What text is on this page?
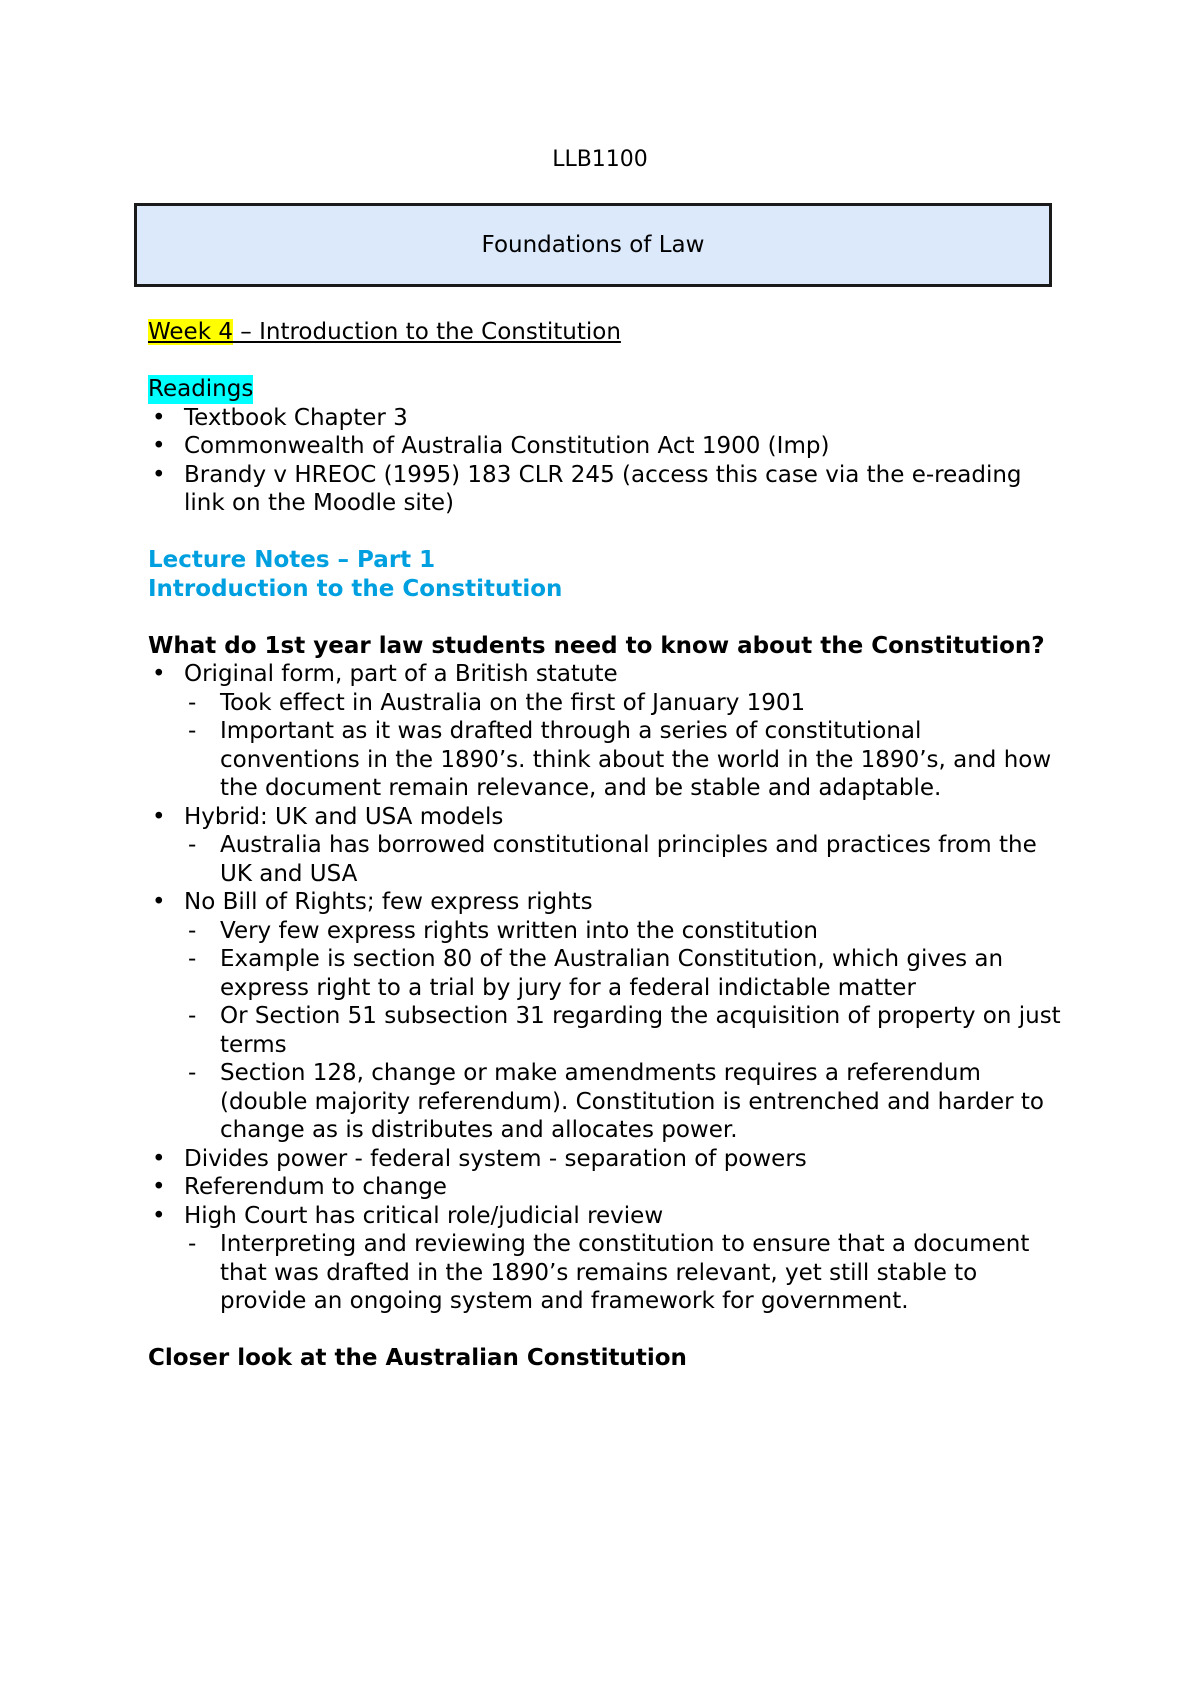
LLB1100
Foundations of Law

Week 4 – Introduction to the Constitution

Readings
• Textbook Chapter 3
• Commonwealth of Australia Constitution Act 1900 (Imp)
• Brandy v HREOC (1995) 183 CLR 245 (access this case via the e-reading link on the Moodle site)
Lecture Notes – Part 1
Introduction to the Constitution
What do 1st year law students need to know about the Constitution?
• Original form, part of a British statute
- Took effect in Australia on the first of January 1901
- Important as it was drafted through a series of constitutional conventions in the 1890’s. think about the world in the 1890’s, and how the document remain relevance, and be stable and adaptable.
• Hybrid: UK and USA models
- Australia has borrowed constitutional principles and practices from the UK and USA
• No Bill of Rights; few express rights
- Very few express rights written into the constitution
- Example is section 80 of the Australian Constitution, which gives an express right to a trial by jury for a federal indictable matter
- Or Section 51 subsection 31 regarding the acquisition of property on just terms
- Section 128, change or make amendments requires a referendum (double majority referendum). Constitution is entrenched and harder to change as is distributes and allocates power.
• Divides power - federal system - separation of powers
• Referendum to change
• High Court has critical role/judicial review
- Interpreting and reviewing the constitution to ensure that a document that was drafted in the 1890’s remains relevant, yet still stable to provide an ongoing system and framework for government.
Closer look at the Australian Constitution
